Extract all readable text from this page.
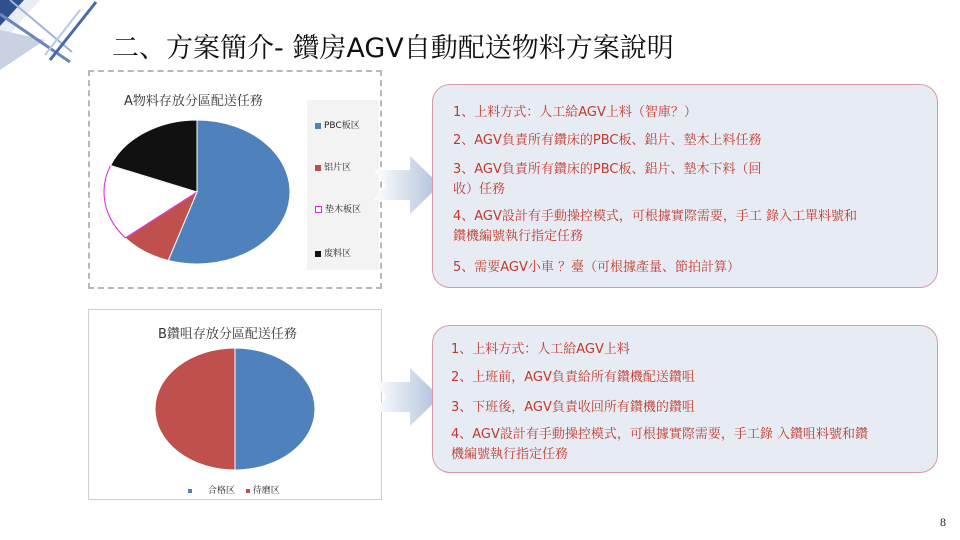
二、方案簡介- 鑽房AGV自動配送物料方案說明
A物料存放分區配送任務
PBC板区
铝片区
垫木板区
废料区
B鑽咀存放分區配送任務
合格区 待磨区
1、上料方式：人工給AGV上料（智庫？）
2、AGV負責所有鑽床的PBC板、鋁片、墊木上料任務
3、AGV負責所有鑽床的PBC板、鋁片、墊木下料（回
收）任務
4、AGV設計有手動操控模式，可根據實際需要，手工 錄入工單料號和
鑽機編號執行指定任務
5、需要AGV小車 ？臺（可根據產量、節拍計算）
1、上料方式：人工給AGV上料
2、上班前，AGV負責給所有鑽機配送鑽咀
3、下班後，AGV負責收回所有鑽機的鑽咀
4、AGV設計有手動操控模式，可根據實際需要，手工錄 入鑽咀料號和鑽
機編號執行指定任務
8
